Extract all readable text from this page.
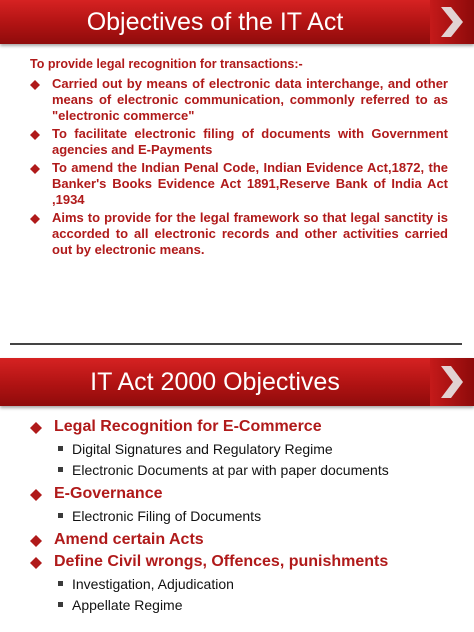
Objectives of the IT Act
To provide legal recognition for transactions:-
Carried out by means of electronic data interchange, and other means of electronic communication, commonly referred to as "electronic commerce"
To facilitate electronic filing of documents with Government agencies and E-Payments
To amend the Indian Penal Code, Indian Evidence Act,1872, the Banker's Books Evidence Act 1891,Reserve Bank of India Act ,1934
Aims to provide for the legal framework so that legal sanctity is accorded to all electronic records and other activities carried out by electronic means.
IT Act 2000 Objectives
Legal Recognition for E-Commerce
Digital Signatures and Regulatory Regime
Electronic Documents at par with paper documents
E-Governance
Electronic Filing of Documents
Amend certain Acts
Define Civil wrongs, Offences, punishments
Investigation, Adjudication
Appellate Regime
